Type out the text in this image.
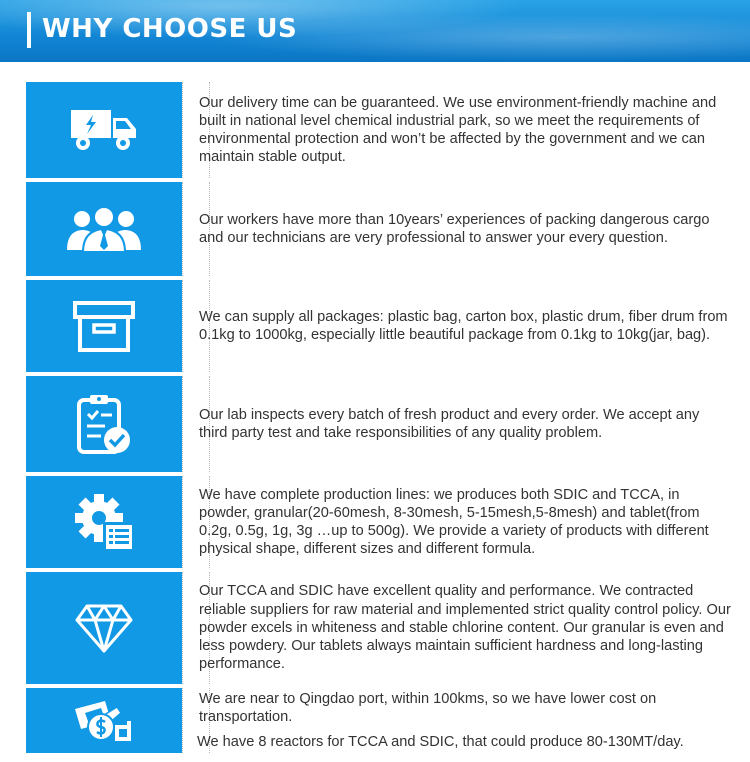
WHY CHOOSE US

Our delivery time can be guaranteed. We use environment-friendly machine and built in national level chemical industrial park, so we meet the requirements of environmental protection and won’t be affected by the government and we can maintain stable output.

Our workers have more than 10years’ experiences of packing dangerous cargo and our technicians are very professional to answer your every question.

We can supply all packages: plastic bag, carton box, plastic drum, fiber drum from 0.1kg to 1000kg, especially little beautiful package from 0.1kg to 10kg(jar, bag).

Our lab inspects every batch of fresh product and every order. We accept any third party test and take responsibilities of any quality problem.

We have complete production lines: we produces both SDIC and TCCA, in powder, granular(20-60mesh, 8-30mesh, 5-15mesh,5-8mesh) and tablet(from 0.2g, 0.5g, 1g, 3g …up to 500g). We provide a variety of products with different physical shape, different sizes and different formula.

Our TCCA and SDIC have excellent quality and performance. We contracted reliable suppliers for raw material and implemented strict quality control policy. Our powder excels in whiteness and stable chlorine content. Our granular is even and less powdery. Our tablets always maintain sufficient hardness and long-lasting performance.

We are near to Qingdao port, within 100kms, so we have lower cost on transportation.

We have 8 reactors for TCCA and SDIC, that could produce 80-130MT/day.
